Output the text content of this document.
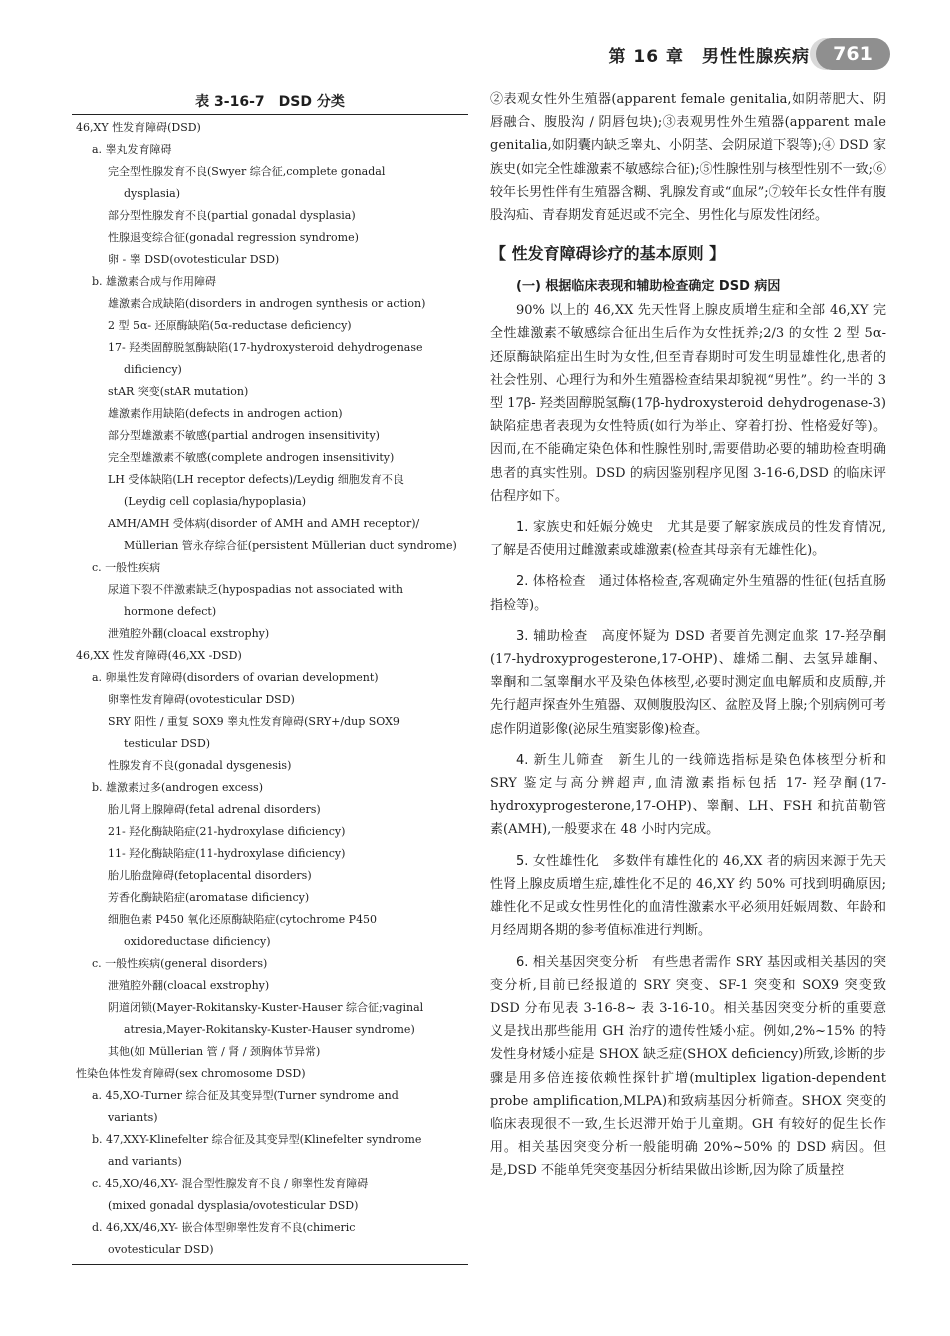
第 16 章　男性性腺疾病	761
表 3-16-7　DSD 分类
46,XY 性发育障碍(DSD)
a. 睾丸发育障碍
完全型性腺发育不良(Swyer 综合征,complete gonadal
dysplasia)
部分型性腺发育不良(partial gonadal dysplasia)
性腺退变综合征(gonadal regression syndrome)
卵 - 睾 DSD(ovotesticular DSD)
b. 雄激素合成与作用障碍
雄激素合成缺陷(disorders in androgen synthesis or action)
2 型 5α- 还原酶缺陷(5α-reductase deficiency)
17- 羟类固醇脱氢酶缺陷(17-hydroxysteroid dehydrogenase
dificiency)
stAR 突变(stAR mutation)
雄激素作用缺陷(defects in androgen action)
部分型雄激素不敏感(partial androgen insensitivity)
完全型雄激素不敏感(complete androgen insensitivity)
LH 受体缺陷(LH receptor defects)/Leydig 细胞发育不良
(Leydig cell coplasia/hypoplasia)
AMH/AMH 受体病(disorder of AMH and AMH receptor)/
Müllerian 管永存综合征(persistent Müllerian duct syndrome)
c. 一般性疾病
尿道下裂不伴激素缺乏(hypospadias not associated with
hormone defect)
泄殖腔外翻(cloacal exstrophy)
46,XX 性发育障碍(46,XX -DSD)
a. 卵巢性发育障碍(disorders of ovarian development)
卵睾性发育障碍(ovotesticular DSD)
SRY 阳性 / 重复 SOX9 睾丸性发育障碍(SRY+/dup SOX9
testicular DSD)
性腺发育不良(gonadal dysgenesis)
b. 雄激素过多(androgen excess)
胎儿肾上腺障碍(fetal adrenal disorders)
21- 羟化酶缺陷症(21-hydroxylase dificiency)
11- 羟化酶缺陷症(11-hydroxylase dificiency)
胎儿胎盘障碍(fetoplacental disorders)
芳香化酶缺陷症(aromatase dificiency)
细胞色素 P450 氧化还原酶缺陷症(cytochrome P450
oxidoreductase dificiency)
c. 一般性疾病(general disorders)
泄殖腔外翻(cloacal exstrophy)
阴道闭锁(Mayer-Rokitansky-Kuster-Hauser 综合征;vaginal
atresia,Mayer-Rokitansky-Kuster-Hauser syndrome)
其他(如 Müllerian 管 / 肾 / 颈胸体节异常)
性染色体性发育障碍(sex chromosome DSD)
a. 45,XO-Turner 综合征及其变异型(Turner syndrome and
variants)
b. 47,XXY-Klinefelter 综合征及其变异型(Klinefelter syndrome
and variants)
c. 45,XO/46,XY- 混合型性腺发育不良 / 卵睾性发育障碍
(mixed gonadal dysplasia/ovotesticular DSD)
d. 46,XX/46,XY- 嵌合体型卵睾性发育不良(chimeric
ovotesticular DSD)

②表观女性外生殖器(apparent female genitalia,如阴蒂肥大、阴唇融合、腹股沟 / 阴唇包块);③表观男性外生殖器(apparent male genitalia,如阴囊内缺乏睾丸、小阴茎、会阴尿道下裂等);④ DSD 家族史(如完全性雄激素不敏感综合征);⑤性腺性别与核型性别不一致;⑥较年长男性伴有生殖器含糊、乳腺发育或“血尿”;⑦较年长女性伴有腹股沟疝、青春期发育延迟或不完全、男性化与原发性闭经。

【 性发育障碍诊疗的基本原则 】
(一) 根据临床表现和辅助检查确定 DSD 病因

90% 以上的 46,XX 先天性肾上腺皮质增生症和全部 46,XY 完全性雄激素不敏感综合征出生后作为女性抚养;2/3 的女性 2 型 5α- 还原酶缺陷症出生时为女性,但至青春期时可发生明显雄性化,患者的社会性别、心理行为和外生殖器检查结果却貌视“男性”。约一半的 3 型 17β- 羟类固醇脱氢酶(17β-hydroxysteroid dehydrogenase-3)缺陷症患者表现为女性特质(如行为举止、穿着打扮、性格爱好等)。因而,在不能确定染色体和性腺性别时,需要借助必要的辅助检查明确患者的真实性别。DSD 的病因鉴别程序见图 3-16-6,DSD 的临床评估程序如下。

1. 家族史和妊娠分娩史　 尤其是要了解家族成员的性发育情况,了解是否使用过雌激素或雄激素(检查其母亲有无雄性化)。

2. 体格检查　 通过体格检查,客观确定外生殖器的性征(包括直肠指检等)。

3. 辅助检查　 高度怀疑为 DSD 者要首先测定血浆 17-羟孕酮(17-hydroxyprogesterone,17-OHP)、雄烯二酮、去氢异雄酮、睾酮和二氢睾酮水平及染色体核型,必要时测定血电解质和皮质醇,并先行超声探查外生殖器、双侧腹股沟区、盆腔及肾上腺;个别病例可考虑作阴道影像(泌尿生殖窦影像)检查。

4. 新生儿筛查　 新生儿的一线筛选指标是染色体核型分析和 SRY 鉴定与高分辨超声,血清激素指标包括 17- 羟孕酮(17-hydroxyprogesterone,17-OHP)、睾酮、LH、FSH 和抗苗勒管素(AMH),一般要求在 48 小时内完成。

5. 女性雄性化　 多数伴有雄性化的 46,XX 者的病因来源于先天性肾上腺皮质增生症,雄性化不足的 46,XY 约 50% 可找到明确原因;雄性化不足或女性男性化的血清性激素水平必须用妊娠周数、年龄和月经周期各期的参考值标准进行判断。

6. 相关基因突变分析　 有些患者需作 SRY 基因或相关基因的突变分析,目前已经报道的 SRY 突变、SF-1 突变和 SOX9 突变致 DSD 分布见表 3-16-8~ 表 3-16-10。相关基因突变分析的重要意义是找出那些能用 GH 治疗的遗传性矮小症。例如,2%~15% 的特发性身材矮小症是 SHOX 缺乏症(SHOX deficiency)所致,诊断的步骤是用多倍连接依赖性探针扩增(multiplex ligation-dependent probe amplification,MLPA)和致病基因分析筛查。SHOX 突变的临床表现很不一致,生长迟滞开始于儿童期。GH 有较好的促生长作用。相关基因突变分析一般能明确 20%~50% 的 DSD 病因。但是,DSD 不能单凭突变基因分析结果做出诊断,因为除了质量控
